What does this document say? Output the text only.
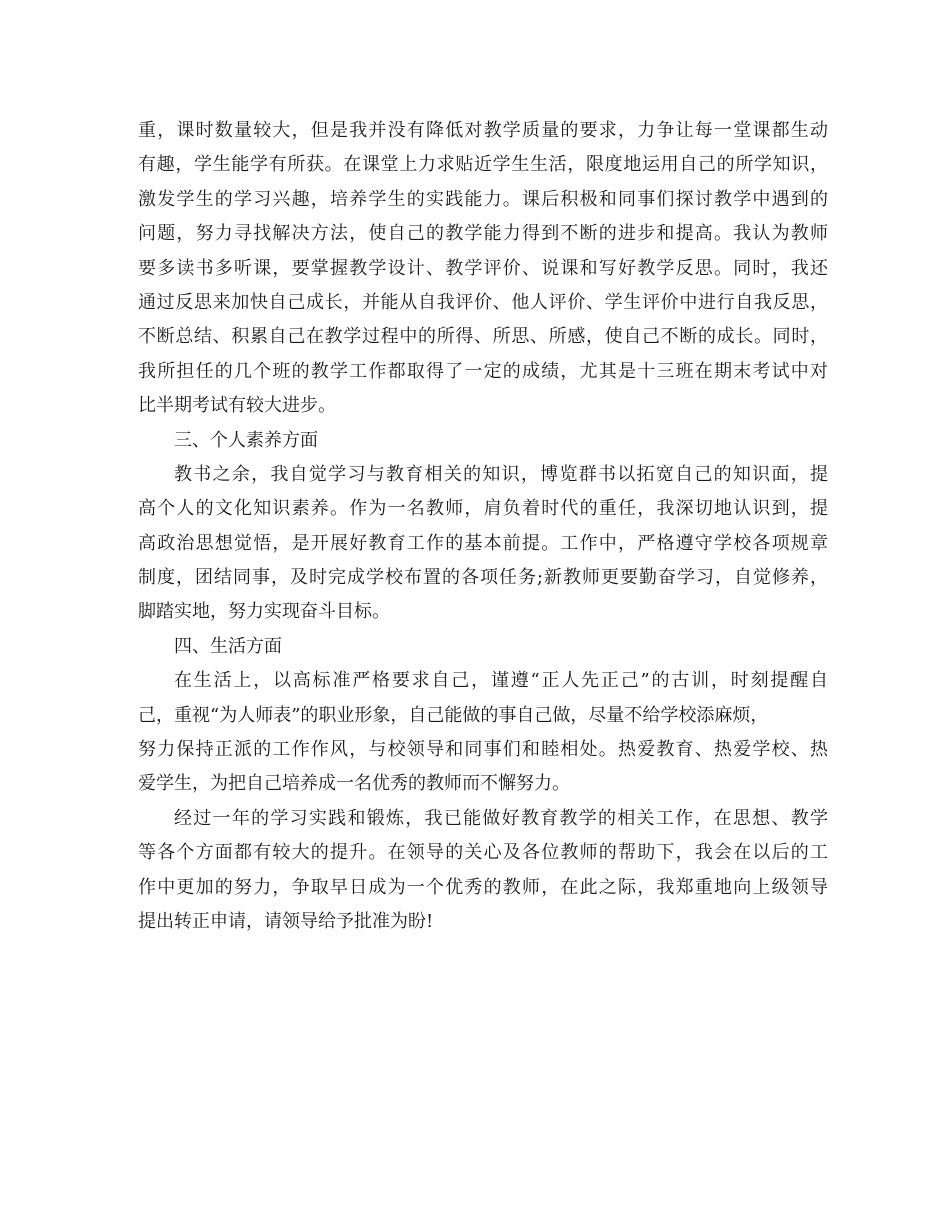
重，课时数量较大，但是我并没有降低对教学质量的要求，力争让每一堂课都生动
有趣，学生能学有所获。在课堂上力求贴近学生生活，限度地运用自己的所学知识，
激发学生的学习兴趣，培养学生的实践能力。课后积极和同事们探讨教学中遇到的
问题，努力寻找解决方法，使自己的教学能力得到不断的进步和提高。我认为教师
要多读书多听课，要掌握教学设计、教学评价、说课和写好教学反思。同时，我还
通过反思来加快自己成长，并能从自我评价、他人评价、学生评价中进行自我反思，
不断总结、积累自己在教学过程中的所得、所思、所感，使自己不断的成长。同时，
我所担任的几个班的教学工作都取得了一定的成绩，尤其是十三班在期末考试中对
比半期考试有较大进步。
三、个人素养方面
教书之余，我自觉学习与教育相关的知识，博览群书以拓宽自己的知识面，提
高个人的文化知识素养。作为一名教师，肩负着时代的重任，我深切地认识到，提
高政治思想觉悟，是开展好教育工作的基本前提。工作中，严格遵守学校各项规章
制度，团结同事，及时完成学校布置的各项任务;新教师更要勤奋学习，自觉修养，
脚踏实地，努力实现奋斗目标。
四、生活方面
在生活上，以高标准严格要求自己，谨遵“正人先正己”的古训，时刻提醒自
己，重视“为人师表”的职业形象，自己能做的事自己做，尽量不给学校添麻烦，
努力保持正派的工作作风，与校领导和同事们和睦相处。热爱教育、热爱学校、热
爱学生，为把自己培养成一名优秀的教师而不懈努力。
经过一年的学习实践和锻炼，我已能做好教育教学的相关工作，在思想、教学
等各个方面都有较大的提升。在领导的关心及各位教师的帮助下，我会在以后的工
作中更加的努力，争取早日成为一个优秀的教师，在此之际，我郑重地向上级领导
提出转正申请，请领导给予批准为盼!
